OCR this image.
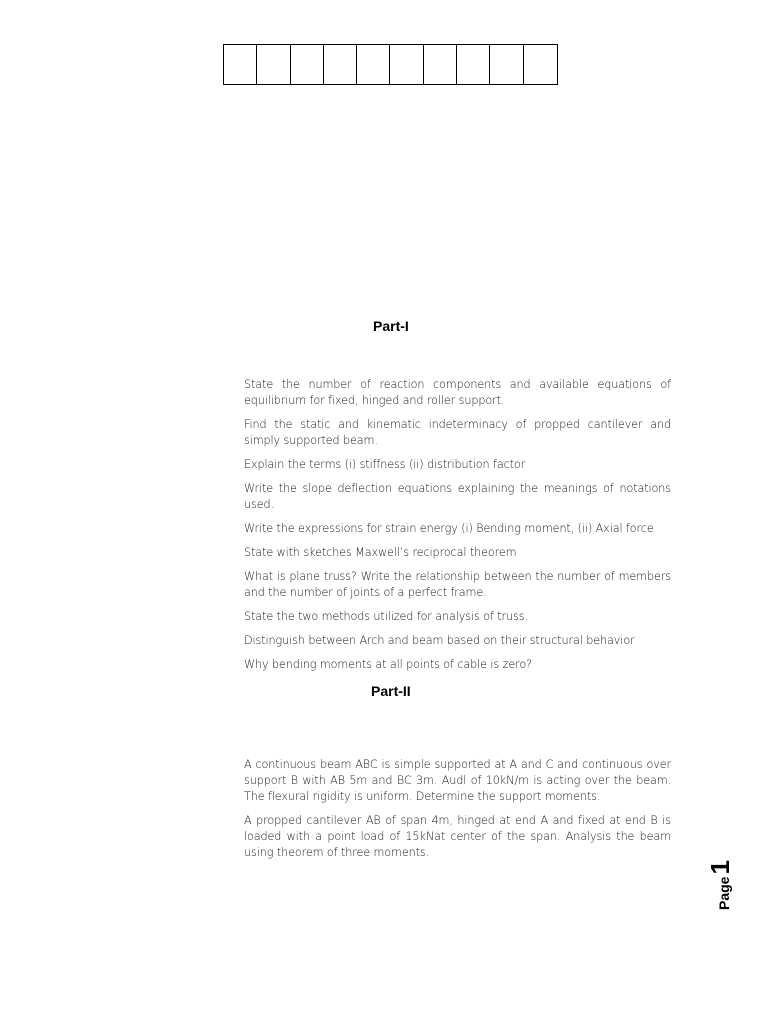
Part-I
State the number of reaction components and available equations of equilibrium for fixed, hinged and roller support.
Find the static and kinematic indeterminacy of propped cantilever and simply supported beam.
Explain the terms (i) stiffness (ii) distribution factor
Write the slope deflection equations explaining the meanings of notations used.
Write the expressions for strain energy (i) Bending moment, (ii) Axial force
State with sketches Maxwell’s reciprocal theorem
What is plane truss? Write the relationship between the number of members and the number of joints of a perfect frame.
State the two methods utilized for analysis of truss.
Distinguish between Arch and beam based on their structural behavior
Why bending moments at all points of cable is zero?
Part-II
A continuous beam ABC is simple supported at A and C and continuous over support B with AB 5m and BC 3m. Audl of 10kN/m is acting over the beam. The flexural rigidity is uniform. Determine the support moments.
A propped cantilever AB of span 4m, hinged at end A and fixed at end B is loaded with a point load of 15kNat center of the span. Analysis the beam using theorem of three moments.
Page
1
